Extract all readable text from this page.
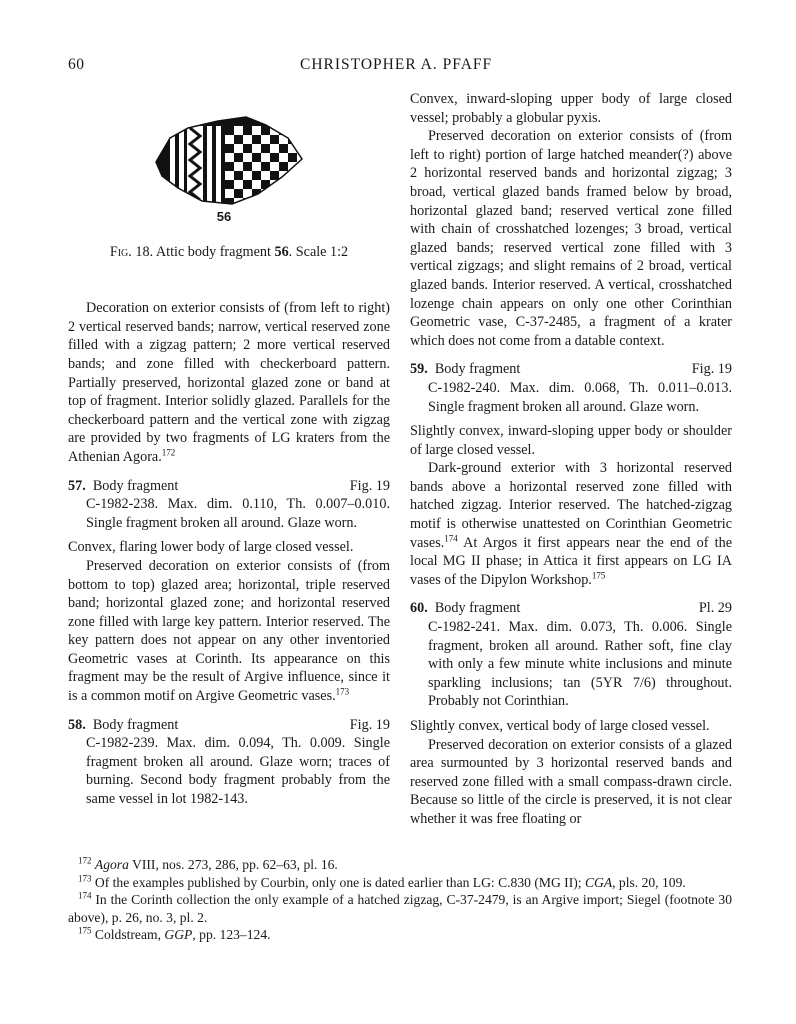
60	CHRISTOPHER A. PFAFF
56
Fig. 18. Attic body fragment 56. Scale 1:2

Decoration on exterior consists of (from left to right) 2 vertical reserved bands; narrow, vertical reserved zone filled with a zigzag pattern; 2 more vertical reserved bands; and zone filled with checkerboard pattern. Partially preserved, horizontal glazed zone or band at top of fragment. Interior solidly glazed. Parallels for the checkerboard pattern and the vertical zone with zigzag are provided by two fragments of LG kraters from the Athenian Agora.$^{172}$

57. Body fragment	Fig. 19

C-1982-238. Max. dim. 0.110, Th. 0.007–0.010. Single fragment broken all around. Glaze worn.

Convex, flaring lower body of large closed vessel.

Preserved decoration on exterior consists of (from bottom to top) glazed area; horizontal, triple reserved band; horizontal glazed zone; and horizontal reserved zone filled with large key pattern. Interior reserved. The key pattern does not appear on any other inventoried Geometric vases at Corinth. Its appearance on this fragment may be the result of Argive influence, since it is a common motif on Argive Geometric vases.$^{173}$

58. Body fragment	Fig. 19

C-1982-239. Max. dim. 0.094, Th. 0.009. Single fragment broken all around. Glaze worn; traces of burning. Second body fragment probably from the same vessel in lot 1982-143.

Convex, inward-sloping upper body of large closed vessel; probably a globular pyxis.

Preserved decoration on exterior consists of (from left to right) portion of large hatched meander(?) above 2 horizontal reserved bands and horizontal zigzag; 3 broad, vertical glazed bands framed below by broad, horizontal glazed band; reserved vertical zone filled with chain of crosshatched lozenges; 3 broad, vertical glazed bands; reserved vertical zone filled with 3 vertical zigzags; and slight remains of 2 broad, vertical glazed bands. Interior reserved. A vertical, crosshatched lozenge chain appears on only one other Corinthian Geometric vase, C-37-2485, a fragment of a krater which does not come from a datable context.

59. Body fragment	Fig. 19

C-1982-240. Max. dim. 0.068, Th. 0.011–0.013. Single fragment broken all around. Glaze worn.

Slightly convex, inward-sloping upper body or shoulder of large closed vessel.

Dark-ground exterior with 3 horizontal reserved bands above a horizontal reserved zone filled with hatched zigzag. Interior reserved. The hatched-zigzag motif is otherwise unattested on Corinthian Geometric vases.$^{174}$ At Argos it first appears near the end of the local MG II phase; in Attica it first appears on LG IA vases of the Dipylon Workshop.$^{175}$

60. Body fragment	Pl. 29

C-1982-241. Max. dim. 0.073, Th. 0.006. Single fragment, broken all around. Rather soft, fine clay with only a few minute white inclusions and minute sparkling inclusions; tan (5YR 7/6) throughout. Probably not Corinthian.

Slightly convex, vertical body of large closed vessel.

Preserved decoration on exterior consists of a glazed area surmounted by 3 horizontal reserved bands and reserved zone filled with a small compass-drawn circle. Because so little of the circle is preserved, it is not clear whether it was free floating or

$^{172}$ Agora VIII, nos. 273, 286, pp. 62–63, pl. 16.

$^{173}$ Of the examples published by Courbin, only one is dated earlier than LG: C.830 (MG II); CGA, pls. 20, 109.

$^{174}$ In the Corinth collection the only example of a hatched zigzag, C-37-2479, is an Argive import; Siegel (footnote 30 above), p. 26, no. 3, pl. 2.

$^{175}$ Coldstream, GGP, pp. 123–124.
